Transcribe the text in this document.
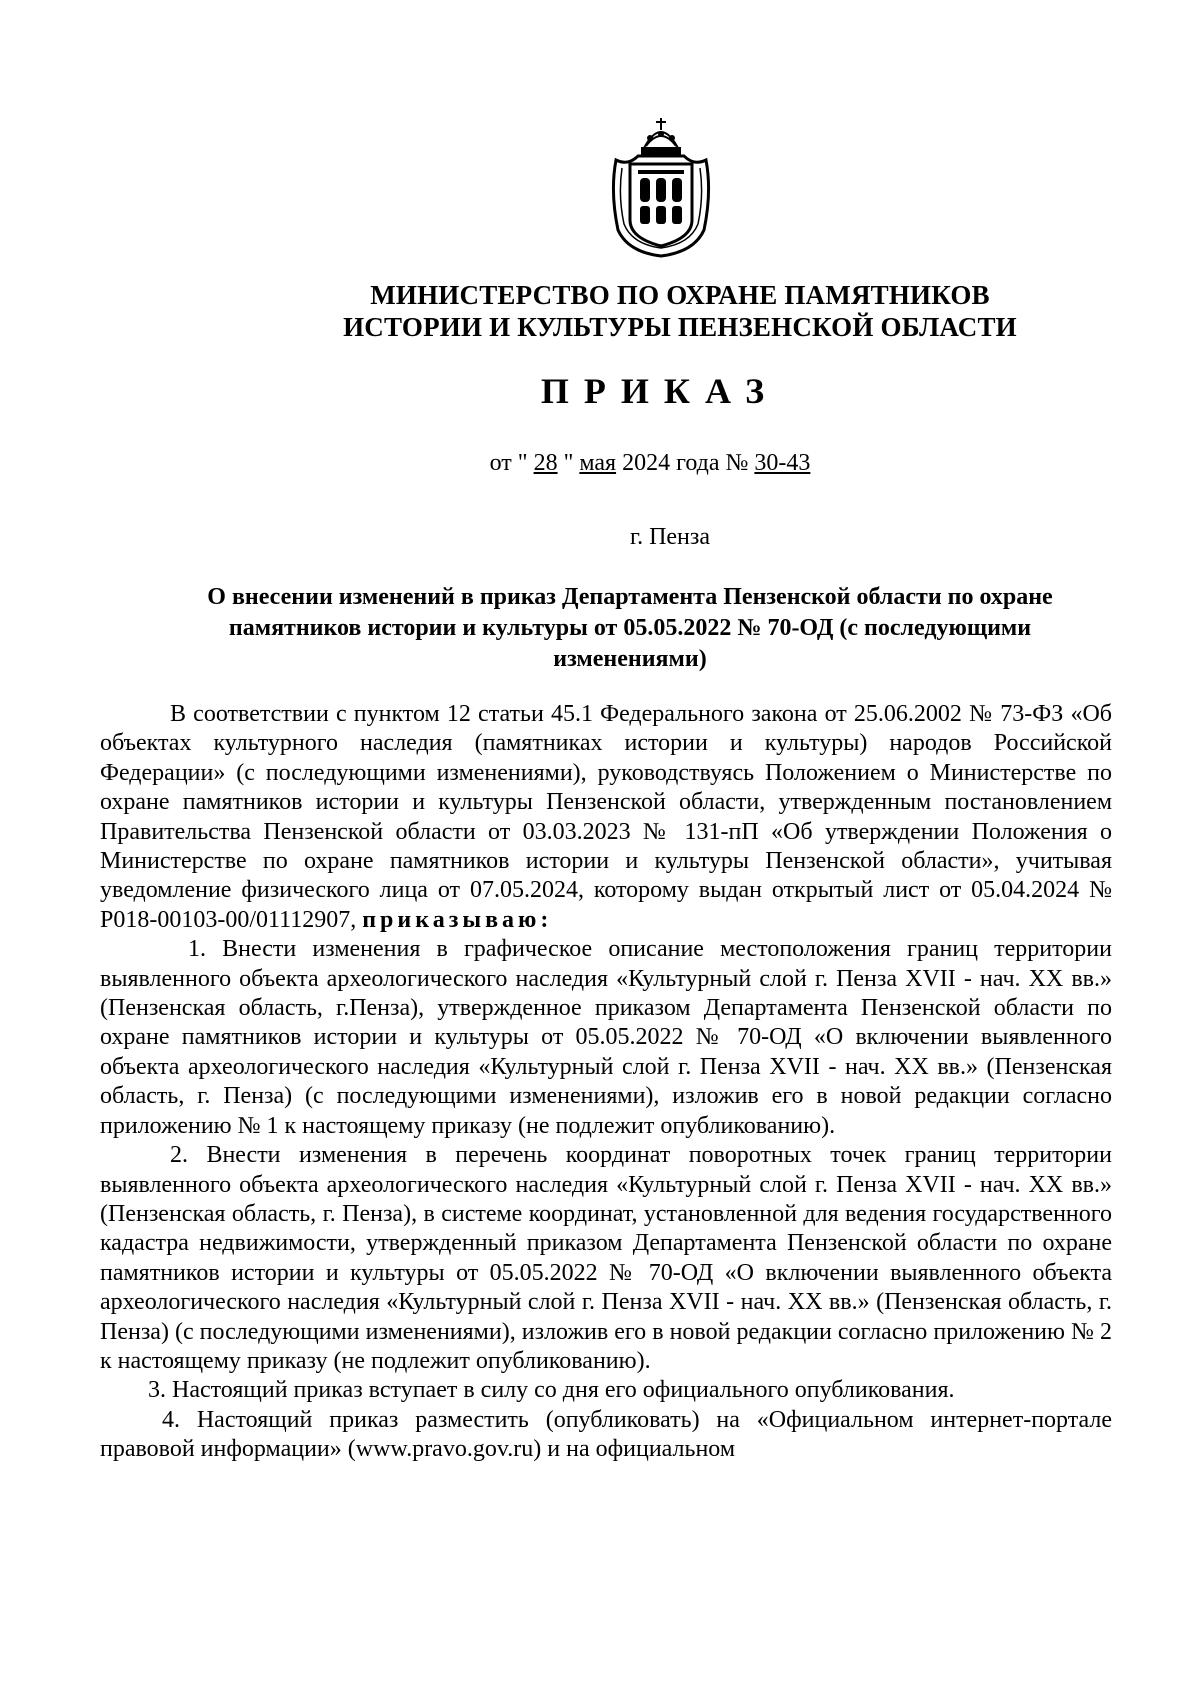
МИНИСТЕРСТВО ПО ОХРАНЕ ПАМЯТНИКОВ
ИСТОРИИ И КУЛЬТУРЫ ПЕНЗЕНСКОЙ ОБЛАСТИ
ПРИКАЗ
от " 28 " мая 2024 года № 30-43
г. Пенза
О внесении изменений в приказ Департамента Пензенской области по охране памятников истории и культуры от 05.05.2022 № 70-ОД (с последующими изменениями)

В соответствии с пунктом 12 статьи 45.1 Федерального закона от 25.06.2002 № 73-ФЗ «Об объектах культурного наследия (памятниках истории и культуры) народов Российской Федерации» (с последующими изменениями), руководствуясь Положением о Министерстве по охране памятников истории и культуры Пензенской области, утвержденным постановлением Правительства Пензенской области от 03.03.2023 № 131-пП «Об утверждении Положения о Министерстве по охране памятников истории и культуры Пензенской области», учитывая уведомление физического лица от 07.05.2024, которому выдан открытый лист от 05.04.2024 № Р018-00103-00/01112907, приказываю:

1. Внести изменения в графическое описание местоположения границ территории выявленного объекта археологического наследия «Культурный слой г. Пенза XVII - нач. XX вв.» (Пензенская область, г.Пенза), утвержденное приказом Департамента Пензенской области по охране памятников истории и культуры от 05.05.2022 № 70-ОД «О включении выявленного объекта археологического наследия «Культурный слой г. Пенза XVII - нач. XX вв.» (Пензенская область, г. Пенза) (с последующими изменениями), изложив его в новой редакции согласно приложению № 1 к настоящему приказу (не подлежит опубликованию).

2. Внести изменения в перечень координат поворотных точек границ территории выявленного объекта археологического наследия «Культурный слой г. Пенза XVII - нач. XX вв.» (Пензенская область, г. Пенза), в системе координат, установленной для ведения государственного кадастра недвижимости, утвержденный приказом Департамента Пензенской области по охране памятников истории и культуры от 05.05.2022 № 70-ОД «О включении выявленного объекта археологического наследия «Культурный слой г. Пенза XVII - нач. XX вв.» (Пензенская область, г. Пенза) (с последующими изменениями), изложив его в новой редакции согласно приложению № 2 к настоящему приказу (не подлежит опубликованию).

3. Настоящий приказ вступает в силу со дня его официального опубликования.

4. Настоящий приказ разместить (опубликовать) на «Официальном интернет-портале правовой информации» (www.pravo.gov.ru) и на официальном
